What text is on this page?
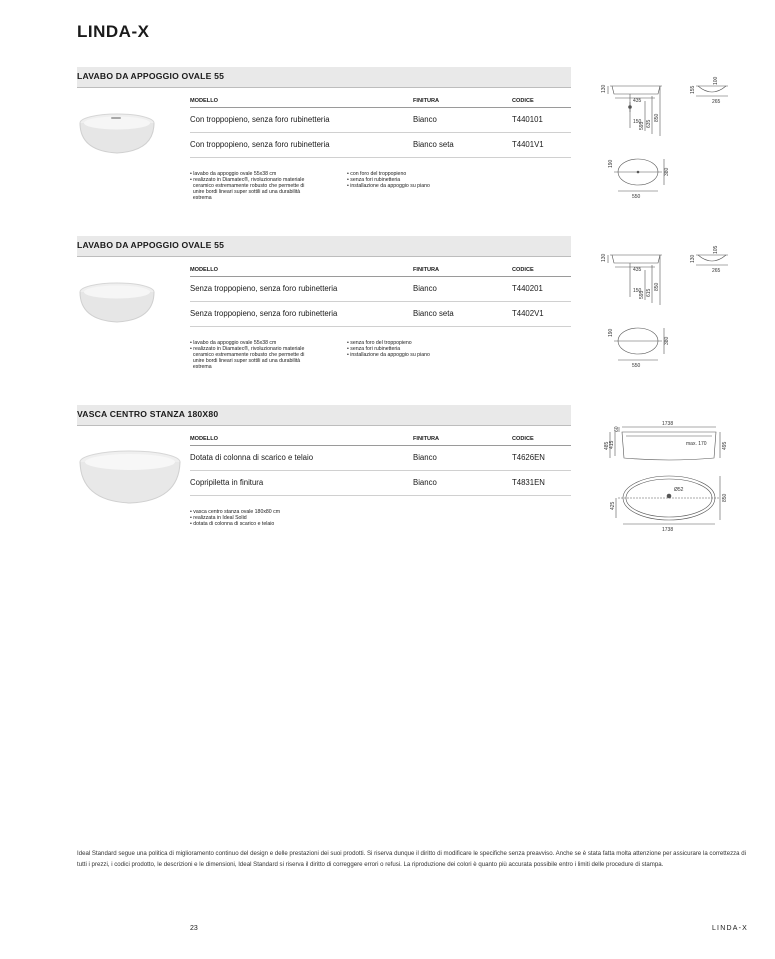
LINDA-X
LAVABO DA APPOGGIO OVALE 55
MODELLO	FINITURA	CODICE
Con troppopieno, senza foro rubinetteria	Bianco	T440101
Con troppopieno, senza foro rubinetteria	Bianco seta	T4401V1
• lavabo da appoggio ovale 55x38 cm
• realizzato in Diamatec®, rivoluzionario materiale
ceramico estremamente robusto che permette di
unire bordi lineari super sottili ad una durabilità
estrema
• con foro del troppopieno
• senza fori rubinetteria
• installazione da appoggio su piano
130
435
150
595 635
850
100
155
265
190
380
550
LAVABO DA APPOGGIO OVALE 55
MODELLO	FINITURA	CODICE
Senza troppopieno, senza foro rubinetteria	Bianco	T440201
Senza troppopieno, senza foro rubinetteria	Bianco seta	T4402V1
• lavabo da appoggio ovale 55x38 cm
• realizzato in Diamatec®, rivoluzionario materiale
ceramico estremamente robusto che permette di
unire bordi lineari super sottili ad una durabilità
estrema
• senza foro del troppopieno
• senza fori rubinetteria
• installazione da appoggio su piano
130
435
150
595 615
850
105
130
265
190
380
550
VASCA CENTRO STANZA 180X80
MODELLO	FINITURA	CODICE
Dotata di colonna di scarico e telaio	Bianco	T4626EN
Copripiletta in finitura	Bianco	T4831EN
• vasca centro stanza ovale 180x80 cm
• realizzata in Ideal Solid
• dotata di colonna di scarico e telaio
1738
max. 170
485 415
60
495
Ø52
425
850
1738
Ideal Standard segue una politica di miglioramento continuo del design e delle prestazioni dei suoi prodotti. Si riserva dunque il diritto di modificare le specifiche senza preavviso. Anche se è stata fatta molta attenzione per assicurare la correttezza di tutti i prezzi, i codici prodotto, le descrizioni e le dimensioni, Ideal Standard si riserva il diritto di correggere errori o refusi. La riproduzione dei colori è quanto più accurata possibile entro i limiti delle procedure di stampa.
23	LINDA-X
